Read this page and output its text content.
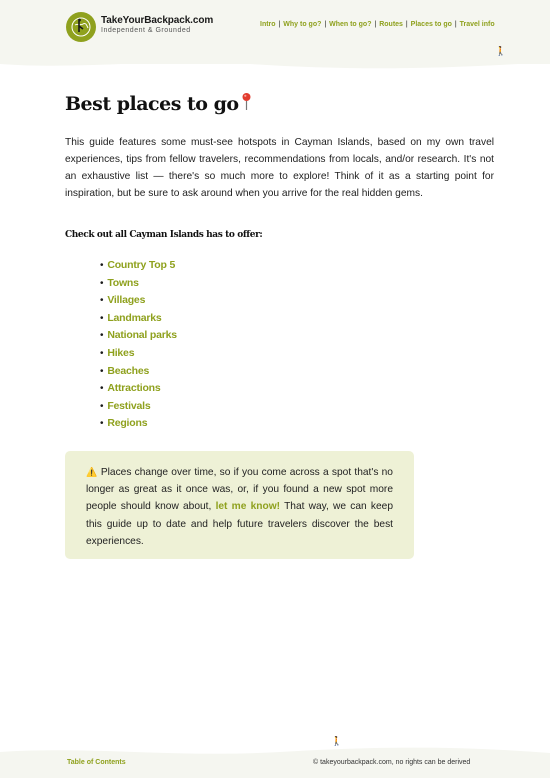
TakeYourBackpack.com
Independent & Grounded
Intro | Why to go? | When to go? | Routes | Places to go | Travel info
🚶
Best places to go

This guide features some must-see hotspots in Cayman Islands, based on my own travel experiences, tips from fellow travelers, recommendations from locals, and/or research. It's not an exhaustive list — there's so much more to explore! Think of it as a starting point for inspiration, but be sure to ask around when you arrive for the real hidden gems.

Check out all Cayman Islands has to offer:
• Country Top 5
• Towns
• Villages
• Landmarks
• National parks
• Hikes
• Beaches
• Attractions
• Festivals
• Regions
⚠️ Places change over time, so if you come across a spot that's no longer as great as it once was, or, if you found a new spot more people should know about, let me know! That way, we can keep this guide up to date and help future travelers discover the best experiences.
🚶
Table of Contents	© takeyourbackpack.com, no rights can be derived
